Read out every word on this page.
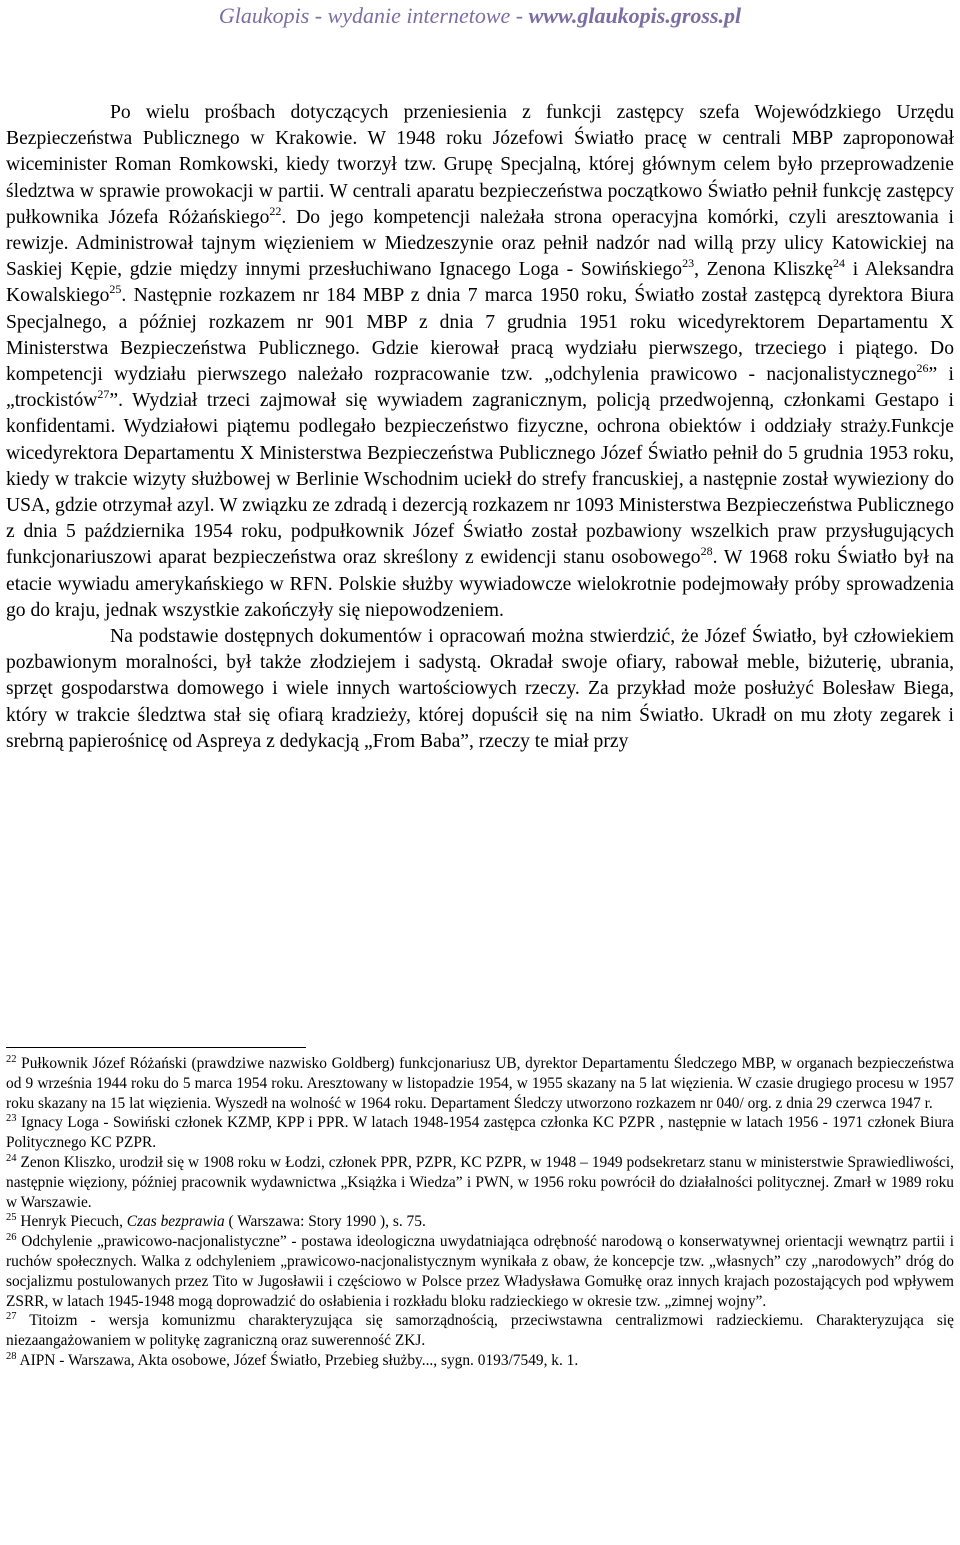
Glaukopis - wydanie internetowe - www.glaukopis.gross.pl

Po wielu prośbach dotyczących przeniesienia z funkcji zastępcy szefa Wojewódzkiego Urzędu Bezpieczeństwa Publicznego w Krakowie. W 1948 roku Józefowi Światło pracę w centrali MBP zaproponował wiceminister Roman Romkowski, kiedy tworzył tzw. Grupę Specjalną, której głównym celem było przeprowadzenie śledztwa w sprawie prowokacji w partii. W centrali aparatu bezpieczeństwa początkowo Światło pełnił funkcję zastępcy pułkownika Józefa Różańskiego$^{22}$. Do jego kompetencji należała strona operacyjna komórki, czyli aresztowania i rewizje. Administrował tajnym więzieniem w Miedzeszynie oraz pełnił nadzór nad willą przy ulicy Katowickiej na Saskiej Kępie, gdzie między innymi przesłuchiwano Ignacego Loga - Sowińskiego$^{23}$, Zenona Kliszkę$^{24}$ i Aleksandra Kowalskiego$^{25}$. Następnie rozkazem nr 184 MBP z dnia 7 marca 1950 roku, Światło został zastępcą dyrektora Biura Specjalnego, a później rozkazem nr 901 MBP z dnia 7 grudnia 1951 roku wicedyrektorem Departamentu X Ministerstwa Bezpieczeństwa Publicznego. Gdzie kierował pracą wydziału pierwszego, trzeciego i piątego. Do kompetencji wydziału pierwszego należało rozpracowanie tzw. „odchylenia prawicowo - nacjonalistycznego$^{26}$” i „trockistów$^{27}$”. Wydział trzeci zajmował się wywiadem zagranicznym, policją przedwojenną, członkami Gestapo i konfidentami. Wydziałowi piątemu podlegało bezpieczeństwo fizyczne, ochrona obiektów i oddziały straży.Funkcje wicedyrektora Departamentu X Ministerstwa Bezpieczeństwa Publicznego Józef Światło pełnił do 5 grudnia 1953 roku, kiedy w trakcie wizyty służbowej w Berlinie Wschodnim uciekł do strefy francuskiej, a następnie został wywieziony do USA, gdzie otrzymał azyl. W związku ze zdradą i dezercją rozkazem nr 1093 Ministerstwa Bezpieczeństwa Publicznego z dnia 5 października 1954 roku, podpułkownik Józef Światło został pozbawiony wszelkich praw przysługujących funkcjonariuszowi aparat bezpieczeństwa oraz skreślony z ewidencji stanu osobowego$^{28}$. W 1968 roku Światło był na etacie wywiadu amerykańskiego w RFN. Polskie służby wywiadowcze wielokrotnie podejmowały próby sprowadzenia go do kraju, jednak wszystkie zakończyły się niepowodzeniem.

Na podstawie dostępnych dokumentów i opracowań można stwierdzić, że Józef Światło, był człowiekiem pozbawionym moralności, był także złodziejem i sadystą. Okradał swoje ofiary, rabował meble, biżuterię, ubrania, sprzęt gospodarstwa domowego i wiele innych wartościowych rzeczy. Za przykład może posłużyć Bolesław Biega, który w trakcie śledztwa stał się ofiarą kradzieży, której dopuścił się na nim Światło. Ukradł on mu złoty zegarek i srebrną papierośnicę od Aspreya z dedykacją „From Baba”, rzeczy te miał przy

$^{22}$ Pułkownik Józef Różański (prawdziwe nazwisko Goldberg) funkcjonariusz UB, dyrektor Departamentu Śledczego MBP, w organach bezpieczeństwa od 9 września 1944 roku do 5 marca 1954 roku. Aresztowany w listopadzie 1954, w 1955 skazany na 5 lat więzienia. W czasie drugiego procesu w 1957 roku skazany na 15 lat więzienia. Wyszedł na wolność w 1964 roku. Departament Śledczy utworzono rozkazem nr 040/ org. z dnia 29 czerwca 1947 r.

$^{23}$ Ignacy Loga - Sowiński członek KZMP, KPP i PPR. W latach 1948-1954 zastępca członka KC PZPR , następnie w latach 1956 - 1971 członek Biura Politycznego KC PZPR.

$^{24}$ Zenon Kliszko, urodził się w 1908 roku w Łodzi, członek PPR, PZPR, KC PZPR, w 1948 – 1949 podsekretarz stanu w ministerstwie Sprawiedliwości, następnie więziony, później pracownik wydawnictwa „Książka i Wiedza” i PWN, w 1956 roku powrócił do działalności politycznej. Zmarł w 1989 roku w Warszawie.

$^{25}$ Henryk Piecuch, Czas bezprawia ( Warszawa: Story 1990 ), s. 75.

$^{26}$ Odchylenie „prawicowo-nacjonalistyczne” - postawa ideologiczna uwydatniająca odrębność narodową o konserwatywnej orientacji wewnątrz partii i ruchów społecznych. Walka z odchyleniem „prawicowo-nacjonalistycznym wynikała z obaw, że koncepcje tzw. „własnych” czy „narodowych” dróg do socjalizmu postulowanych przez Tito w Jugosławii i częściowo w Polsce przez Władysława Gomułkę oraz innych krajach pozostających pod wpływem ZSRR, w latach 1945-1948 mogą doprowadzić do osłabienia i rozkładu bloku radzieckiego w okresie tzw. „zimnej wojny”.

$^{27}$ Titoizm - wersja komunizmu charakteryzująca się samorządnością, przeciwstawna centralizmowi radzieckiemu. Charakteryzująca się niezaangażowaniem w politykę zagraniczną oraz suwerenność ZKJ.

$^{28}$ AIPN - Warszawa, Akta osobowe, Józef Światło, Przebieg służby..., sygn. 0193/7549, k. 1.
